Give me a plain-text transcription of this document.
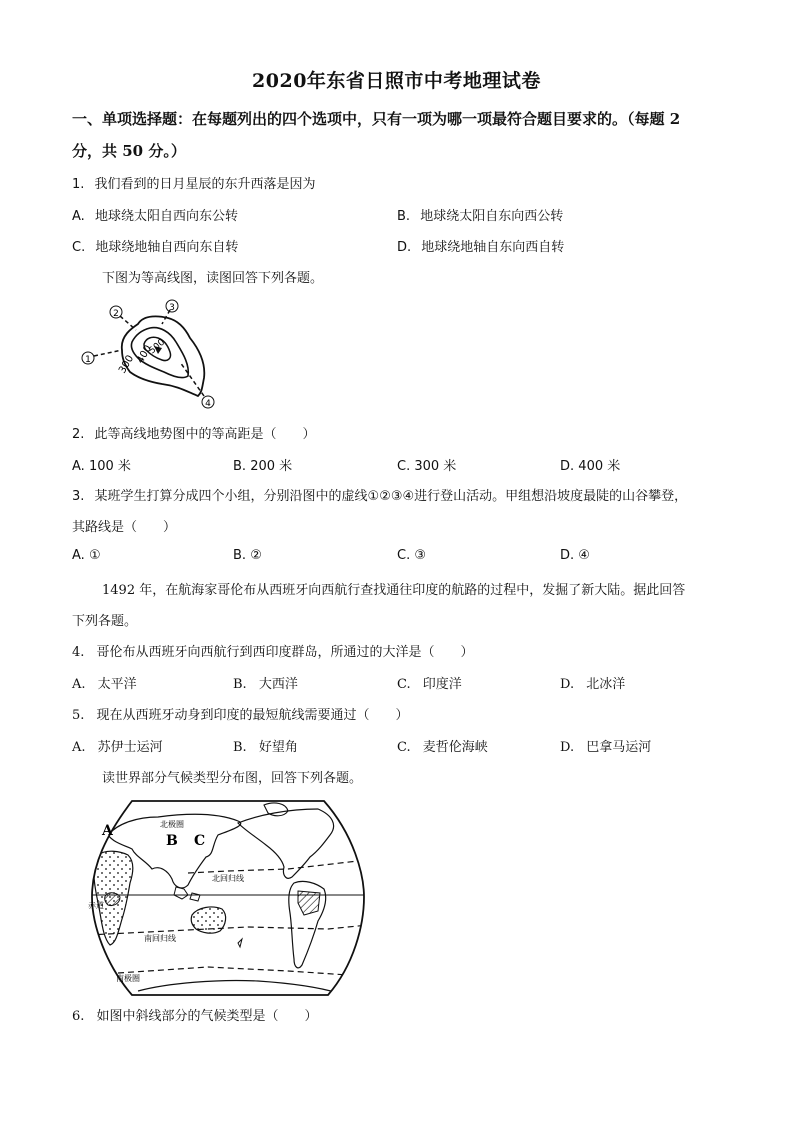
2020年东省日照市中考地理试卷
一、单项选择题：在每题列出的四个选项中，只有一项为哪一项最符合题目要求的。（每题 2
分，共 50 分。）
1. 我们看到的日月星辰的东升西落是因为
A. 地球绕太阳自西向东公转	B. 地球绕太阳自东向西公转
C. 地球绕地轴自西向东自转	D. 地球绕地轴自东向西自转
下图为等高线图，读图回答下列各题。
1
2
3
4
400
300
500
2. 此等高线地势图中的等高距是（　　）
A. 100 米	B. 200 米	C. 300 米	D. 400 米
3. 某班学生打算分成四个小组，分别沿图中的虚线①②③④进行登山活动。甲组想沿坡度最陡的山谷攀登，
其路线是（　　）
A. ①	B. ②	C. ③	D. ④
1492 年，在航海家哥伦布从西班牙向西航行查找通往印度的航路的过程中，发掘了新大陆。据此回答
下列各题。
4. 哥伦布从西班牙向西航行到西印度群岛，所通过的大洋是（　　）
A. 太平洋	B. 大西洋	C. 印度洋	D. 北冰洋
5. 现在从西班牙动身到印度的最短航线需要通过（　　）
A. 苏伊士运河	B. 好望角	C. 麦哲伦海峡	D. 巴拿马运河
读世界部分气候类型分布图，回答下列各题。
A
B C
北极圈
北回归线
赤道
南回归线
南极圈
6. 如图中斜线部分的气候类型是（　　）
